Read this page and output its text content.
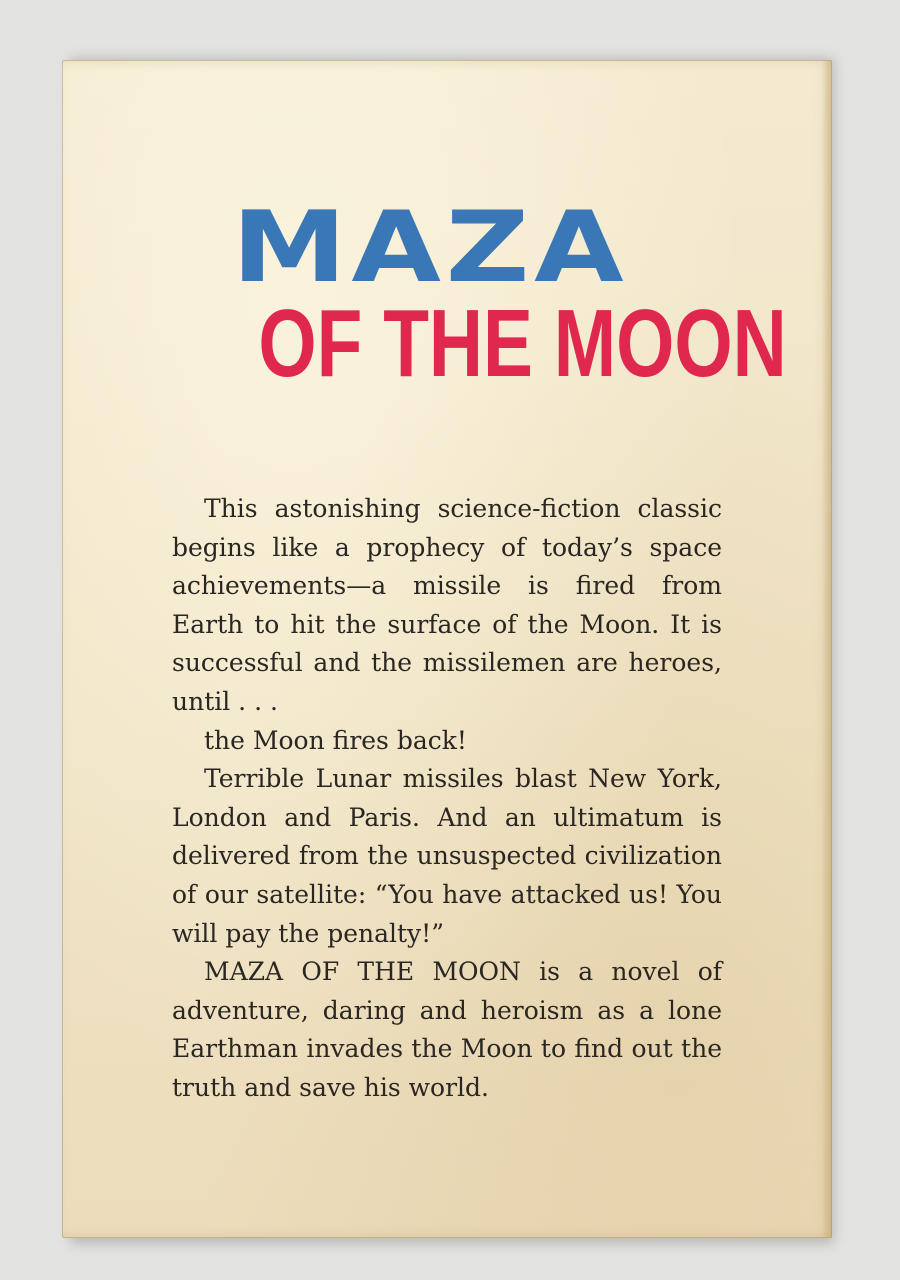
MAZA
OF THE MOON

This astonishing science-fiction classic begins like a prophecy of today’s space achievements—a missile is fired from Earth to hit the surface of the Moon. It is successful and the missilemen are heroes, until . . .

the Moon fires back!

Terrible Lunar missiles blast New York, London and Paris. And an ultimatum is delivered from the unsuspected civilization of our satellite: “You have attacked us! You will pay the penalty!”

MAZA OF THE MOON is a novel of adventure, daring and heroism as a lone Earthman invades the Moon to find out the truth and save his world.
